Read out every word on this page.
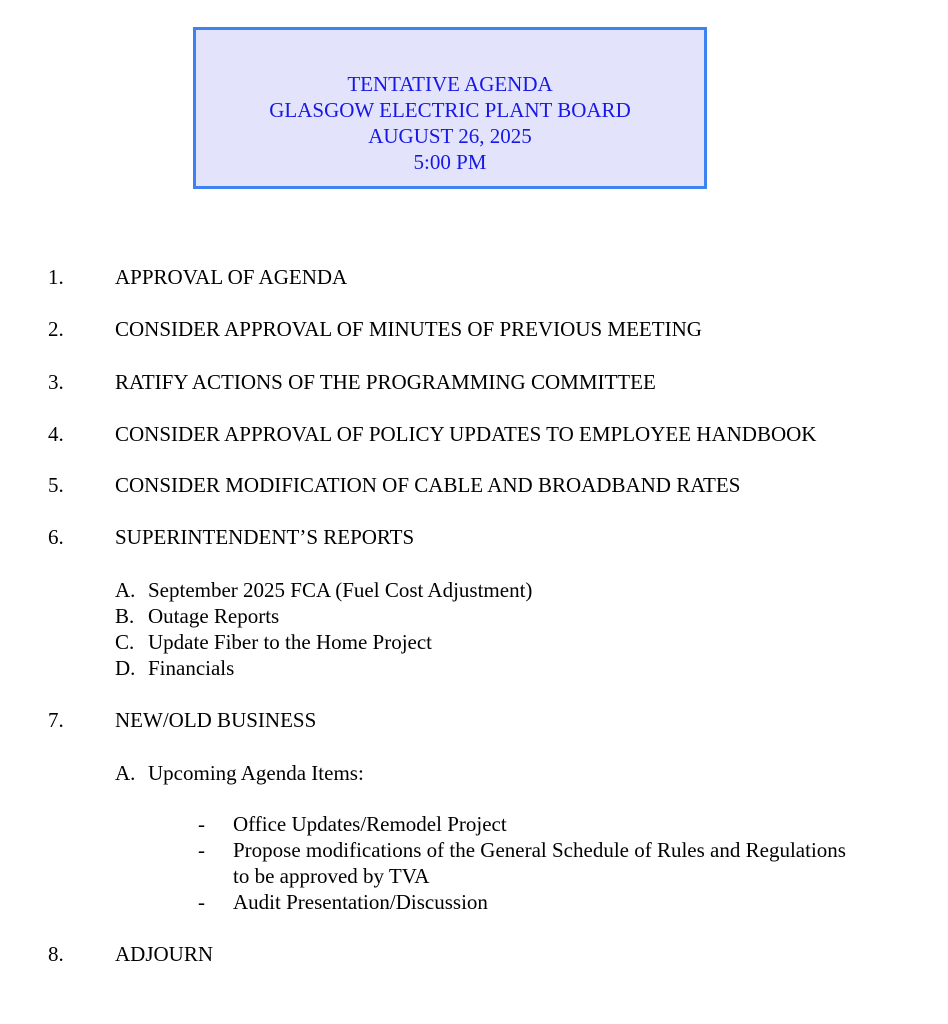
TENTATIVE AGENDA
GLASGOW ELECTRIC PLANT BOARD
AUGUST 26, 2025
5:00 PM
1. APPROVAL OF AGENDA
2. CONSIDER APPROVAL OF MINUTES OF PREVIOUS MEETING
3. RATIFY ACTIONS OF THE PROGRAMMING COMMITTEE
4. CONSIDER APPROVAL OF POLICY UPDATES TO EMPLOYEE HANDBOOK
5. CONSIDER MODIFICATION OF CABLE AND BROADBAND RATES
6. SUPERINTENDENT’S REPORTS
A. September 2025 FCA (Fuel Cost Adjustment)
B. Outage Reports
C. Update Fiber to the Home Project
D. Financials
7. NEW/OLD BUSINESS
A. Upcoming Agenda Items:
- Office Updates/Remodel Project
- Propose modifications of the General Schedule of Rules and Regulations
to be approved by TVA
- Audit Presentation/Discussion
8. ADJOURN
